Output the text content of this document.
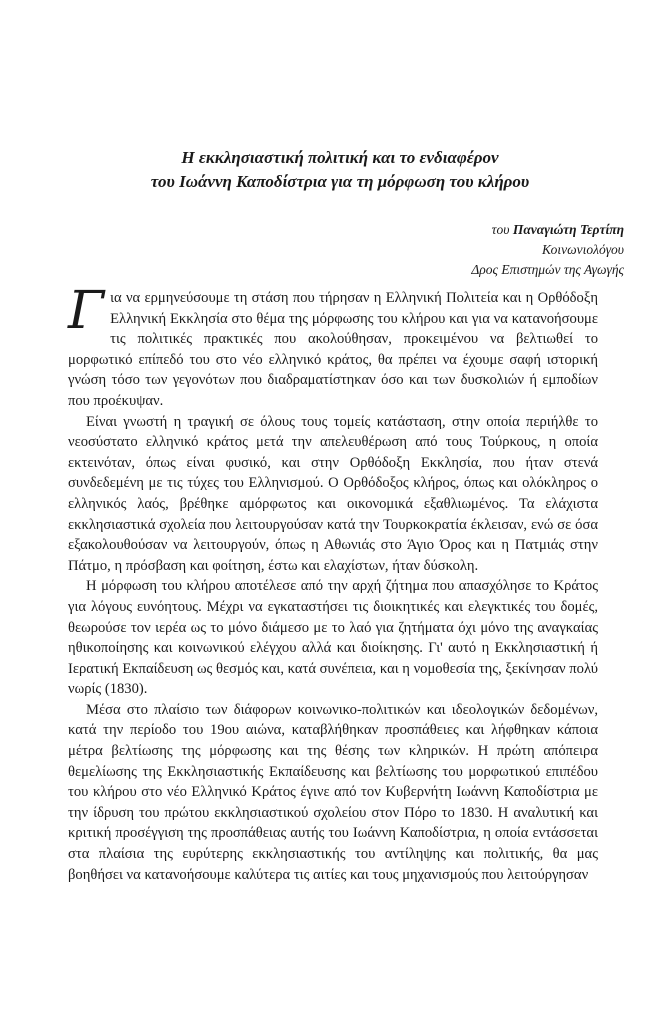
Η εκκλησιαστική πολιτική και το ενδιαφέρον
του Ιωάννη Καποδίστρια για τη μόρφωση του κλήρου

του Παναγιώτη Τερτίπη

Κοινωνιολόγου

Δρος Επιστημών της Αγωγής

Για να ερμηνεύσουμε τη στάση που τήρησαν η Ελληνική Πολιτεία και η Ορθόδοξη Ελληνική Εκκλησία στο θέμα της μόρφωσης του κλήρου και για να κατανοήσουμε τις πολιτικές πρακτικές που ακολούθησαν, προκειμένου να βελτιωθεί το μορφωτικό επίπεδό του στο νέο ελληνικό κράτος, θα πρέπει να έχουμε σαφή ιστορική γνώση τόσο των γεγονότων που διαδραματίστηκαν όσο και των δυσκολιών ή εμποδίων που προέκυψαν.

Είναι γνωστή η τραγική σε όλους τους τομείς κατάσταση, στην οποία περιήλθε το νεοσύστατο ελληνικό κράτος μετά την απελευθέρωση από τους Τούρκους, η οποία εκτεινόταν, όπως είναι φυσικό, και στην Ορθόδοξη Εκκλησία, που ήταν στενά συνδεδεμένη με τις τύχες του Ελληνισμού. Ο Ορθόδοξος κλήρος, όπως και ολόκληρος ο ελληνικός λαός, βρέθηκε αμόρφωτος και οικονομικά εξαθλιωμένος. Τα ελάχιστα εκκλησιαστικά σχολεία που λειτουργούσαν κατά την Τουρκοκρατία έκλεισαν, ενώ σε όσα εξακολουθούσαν να λειτουργούν, όπως η Αθωνιάς στο Άγιο Όρος και η Πατμιάς στην Πάτμο, η πρόσβαση και φοίτηση, έστω και ελαχίστων, ήταν δύσκολη.

Η μόρφωση του κλήρου αποτέλεσε από την αρχή ζήτημα που απασχόλησε το Κράτος για λόγους ευνόητους. Μέχρι να εγκαταστήσει τις διοικητικές και ελεγκτικές του δομές, θεωρούσε τον ιερέα ως το μόνο διάμεσο με το λαό για ζητήματα όχι μόνο της αναγκαίας ηθικοποίησης και κοινωνικού ελέγχου αλλά και διοίκησης. Γι' αυτό η Εκκλησιαστική ή Ιερατική Εκπαίδευση ως θεσμός και, κατά συνέπεια, και η νομοθεσία της, ξεκίνησαν πολύ νωρίς (1830).

Μέσα στο πλαίσιο των διάφορων κοινωνικο-πολιτικών και ιδεολογικών δεδομένων, κατά την περίοδο του 19ου αιώνα, καταβλήθηκαν προσπάθειες και λήφθηκαν κάποια μέτρα βελτίωσης της μόρφωσης και της θέσης των κληρικών. Η πρώτη απόπειρα θεμελίωσης της Εκκλησιαστικής Εκπαίδευσης και βελτίωσης του μορφωτικού επιπέδου του κλήρου στο νέο Ελληνικό Κράτος έγινε από τον Κυβερνήτη Ιωάννη Καποδίστρια με την ίδρυση του πρώτου εκκλησιαστικού σχολείου στον Πόρο το 1830. Η αναλυτική και κριτική προσέγγιση της προσπάθειας αυτής του Ιωάννη Καποδίστρια, η οποία εντάσσεται στα πλαίσια της ευρύτερης εκκλησιαστικής του αντίληψης και πολιτικής, θα μας βοηθήσει να κατανοήσουμε καλύτερα τις αιτίες και τους μηχανισμούς που λειτούργησαν
